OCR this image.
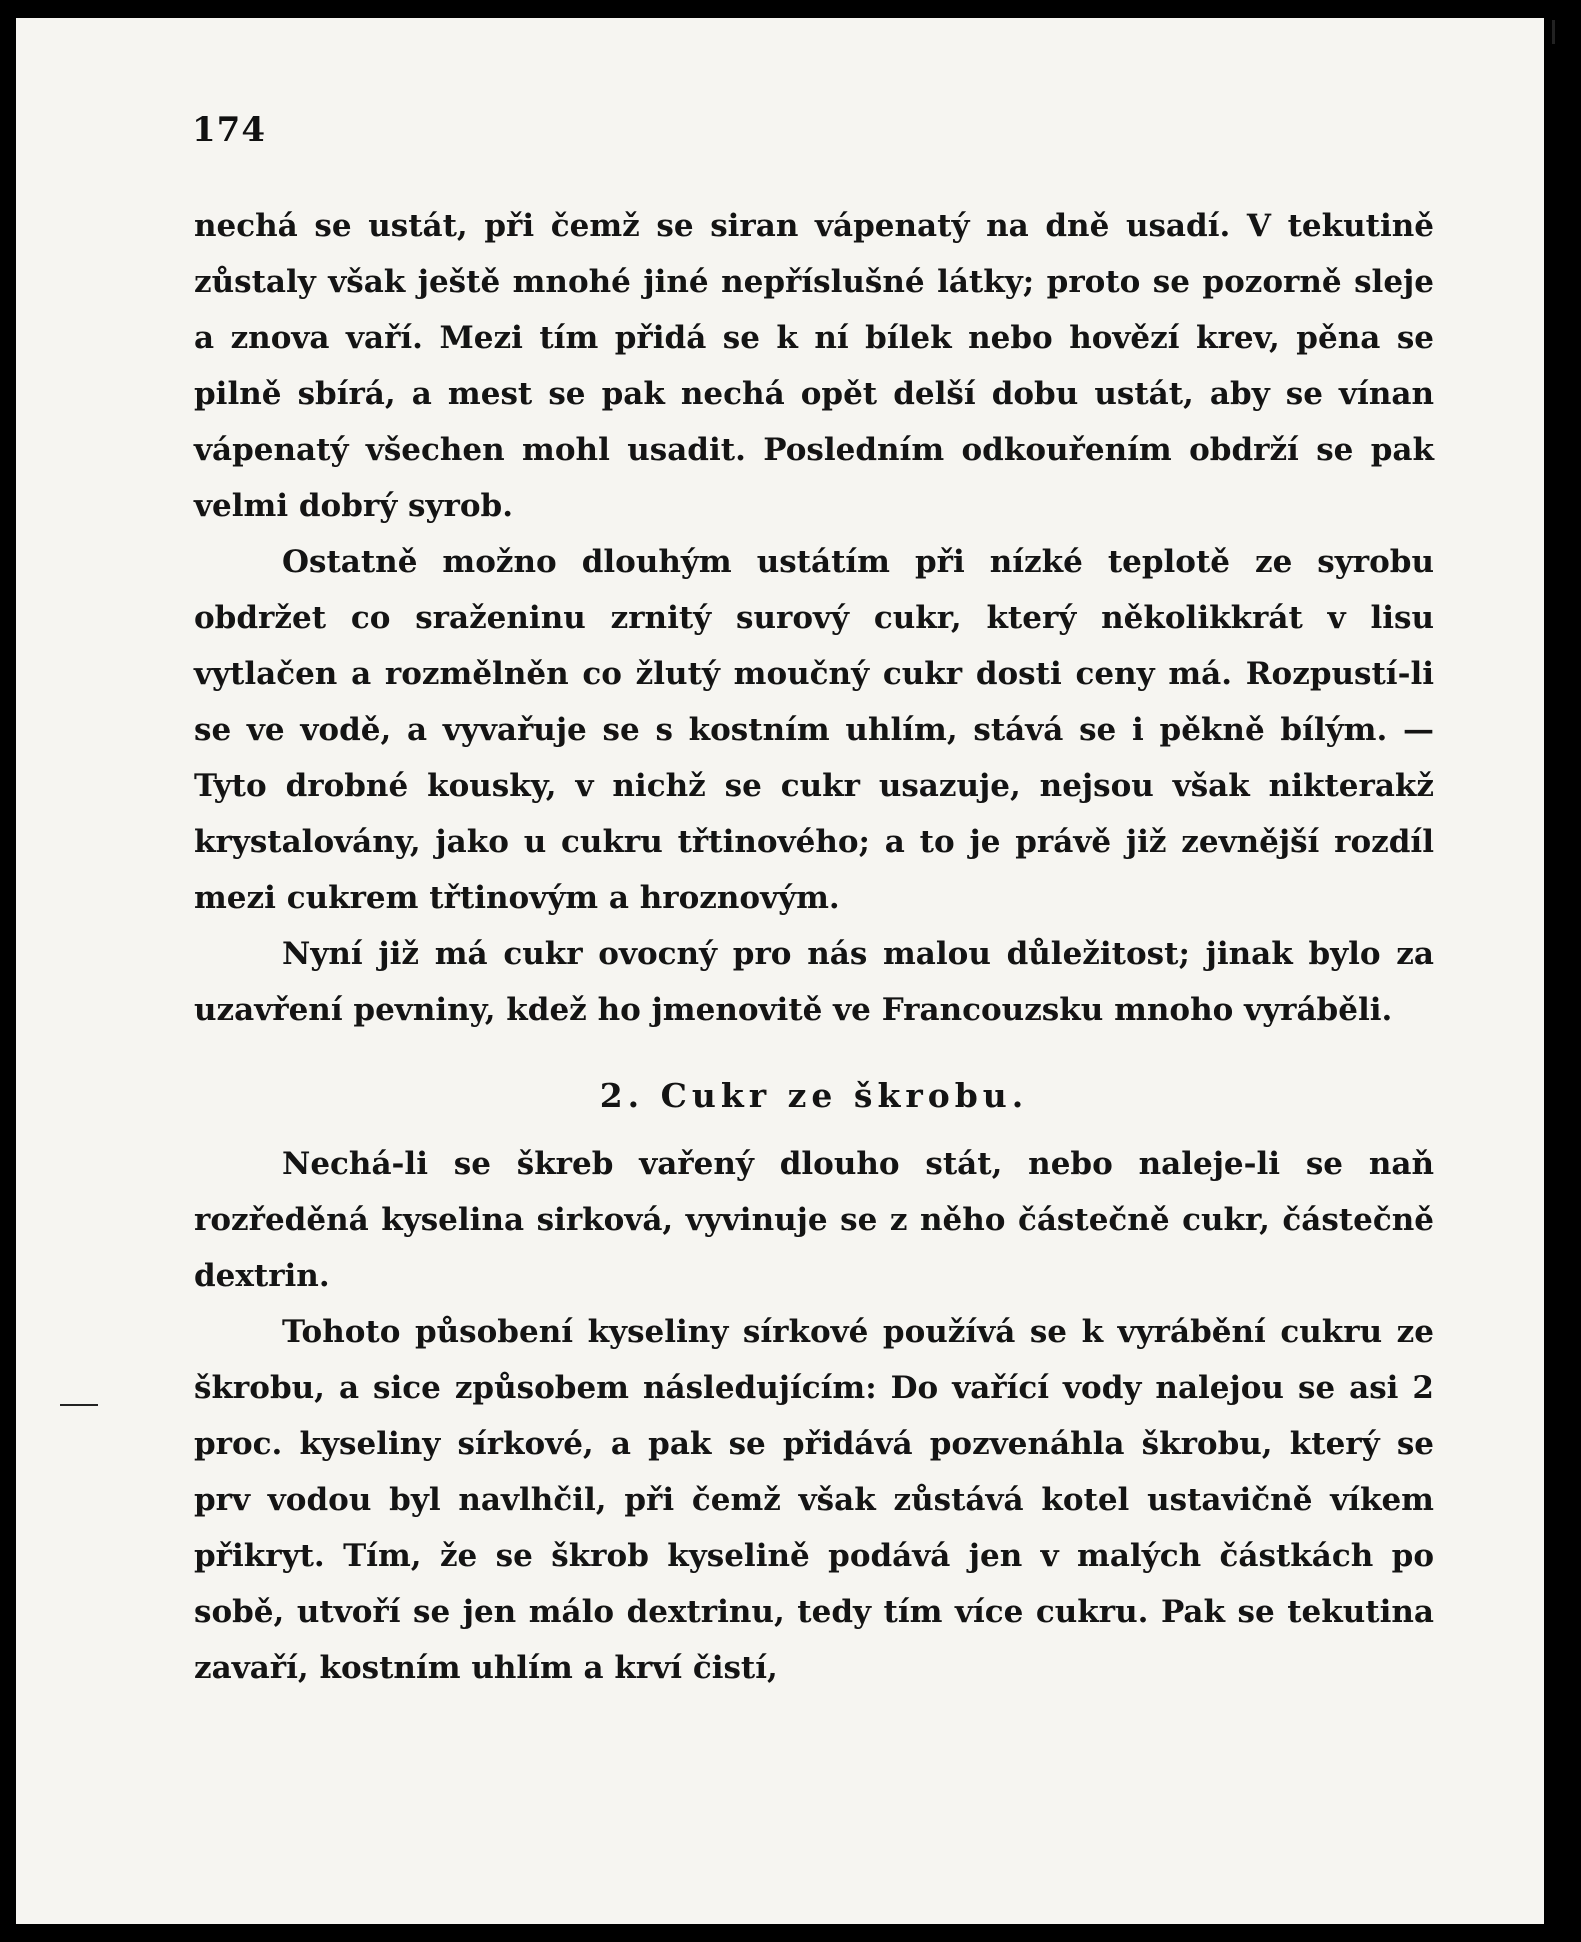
174

nechá se ustát, při čemž se siran vápenatý na dně usadí. V tekutině zůstaly však ještě mnohé jiné nepříslušné látky; proto se pozorně sleje a znova vaří. Mezi tím přidá se k ní bílek nebo hovězí krev, pěna se pilně sbírá, a mest se pak nechá opět delší dobu ustát, aby se vínan vápenatý všechen mohl usadit. Posledním odkouřením obdrží se pak velmi dobrý syrob.

Ostatně možno dlouhým ustátím při nízké teplotě ze syrobu obdržet co sraženinu zrnitý surový cukr, který několikkrát v lisu vytlačen a rozmělněn co žlutý moučný cukr dosti ceny má. Rozpustí-li se ve vodě, a vyvařuje se s kostním uhlím, stává se i pěkně bílým. — Tyto drobné kousky, v nichž se cukr usazuje, nejsou však nikterakž krystalovány, jako u cukru třtinového; a to je právě již zevnější rozdíl mezi cukrem třtinovým a hroznovým.

Nyní již má cukr ovocný pro nás malou důležitost; jinak bylo za uzavření pevniny, kdež ho jmenovitě ve Francouzsku mnoho vyráběli.

2. Cukr ze škrobu.

Nechá-li se škreb vařený dlouho stát, nebo naleje-li se naň rozředěná kyselina sirková, vyvinuje se z něho částečně cukr, částečně dextrin.

Tohoto působení kyseliny sírkové používá se k vyrábění cukru ze škrobu, a sice způsobem následujícím: Do vařící vody nalejou se asi 2 proc. kyseliny sírkové, a pak se přidává pozvenáhla škrobu, který se prv vodou byl navlhčil, při čemž však zůstává kotel ustavičně víkem přikryt. Tím, že se škrob kyselině podává jen v malých částkách po sobě, utvoří se jen málo dextrinu, tedy tím více cukru. Pak se tekutina zavaří, kostním uhlím a krví čistí,
